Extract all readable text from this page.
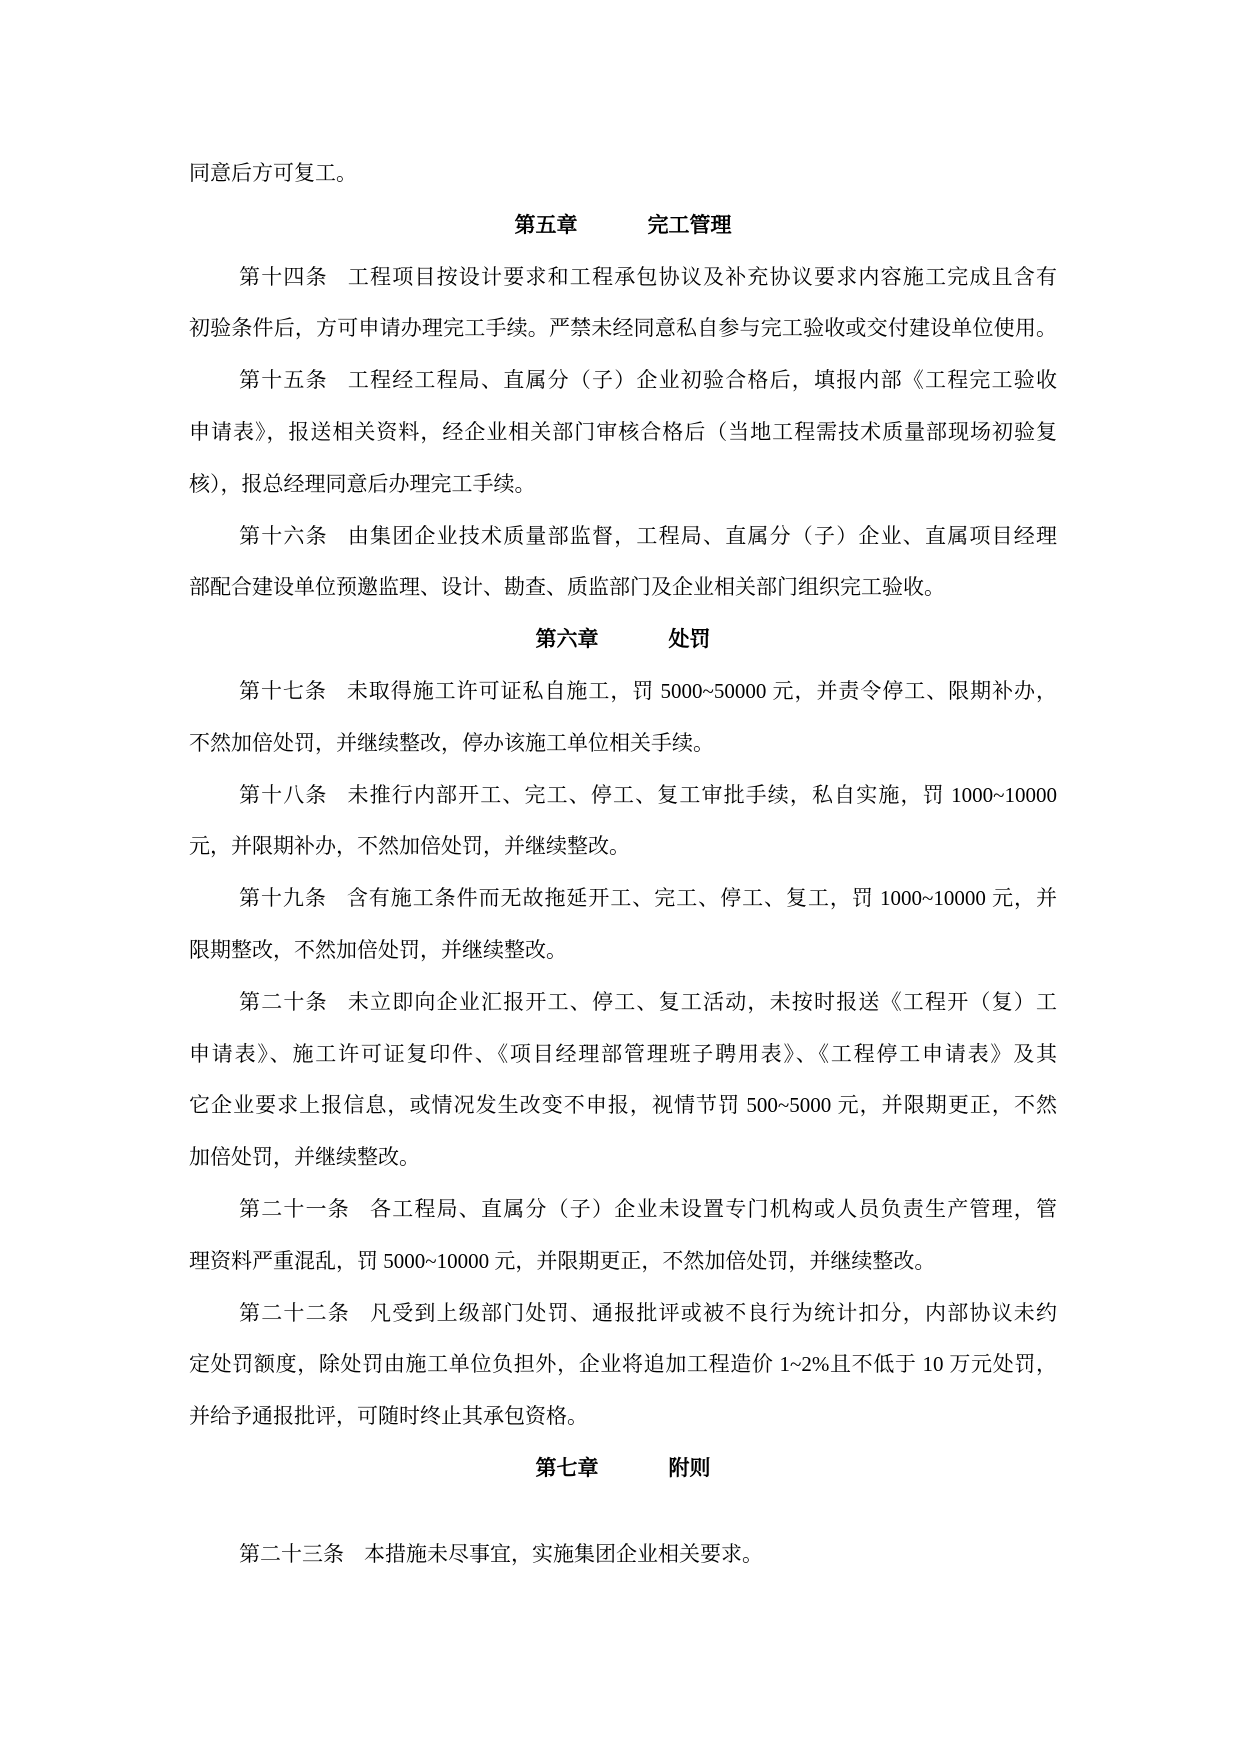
同意后方可复工。
第五章	完工管理
第十四条 工程项目按设计要求和工程承包协议及补充协议要求内容施工完成且含有
初验条件后，方可申请办理完工手续。严禁未经同意私自参与完工验收或交付建设单位使用。
第十五条 工程经工程局、直属分（子）企业初验合格后，填报内部《工程完工验收
申请表》，报送相关资料，经企业相关部门审核合格后（当地工程需技术质量部现场初验复
核），报总经理同意后办理完工手续。
第十六条 由集团企业技术质量部监督，工程局、直属分（子）企业、直属项目经理
部配合建设单位预邀监理、设计、勘查、质监部门及企业相关部门组织完工验收。
第六章	处罚
第十七条 未取得施工许可证私自施工，罚 5000~50000 元，并责令停工、限期补办，
不然加倍处罚，并继续整改，停办该施工单位相关手续。
第十八条 未推行内部开工、完工、停工、复工审批手续，私自实施，罚 1000~10000
元，并限期补办，不然加倍处罚，并继续整改。
第十九条 含有施工条件而无故拖延开工、完工、停工、复工，罚 1000~10000 元，并
限期整改，不然加倍处罚，并继续整改。
第二十条 未立即向企业汇报开工、停工、复工活动，未按时报送《工程开（复）工
申请表》、施工许可证复印件、《项目经理部管理班子聘用表》、《工程停工申请表》及其
它企业要求上报信息，或情况发生改变不申报，视情节罚 500~5000 元，并限期更正，不然
加倍处罚，并继续整改。
第二十一条 各工程局、直属分（子）企业未设置专门机构或人员负责生产管理，管
理资料严重混乱，罚 5000~10000 元，并限期更正，不然加倍处罚，并继续整改。
第二十二条 凡受到上级部门处罚、通报批评或被不良行为统计扣分，内部协议未约
定处罚额度，除处罚由施工单位负担外，企业将追加工程造价 1~2%且不低于 10 万元处罚，
并给予通报批评，可随时终止其承包资格。
第七章	附则
第二十三条 本措施未尽事宜，实施集团企业相关要求。
